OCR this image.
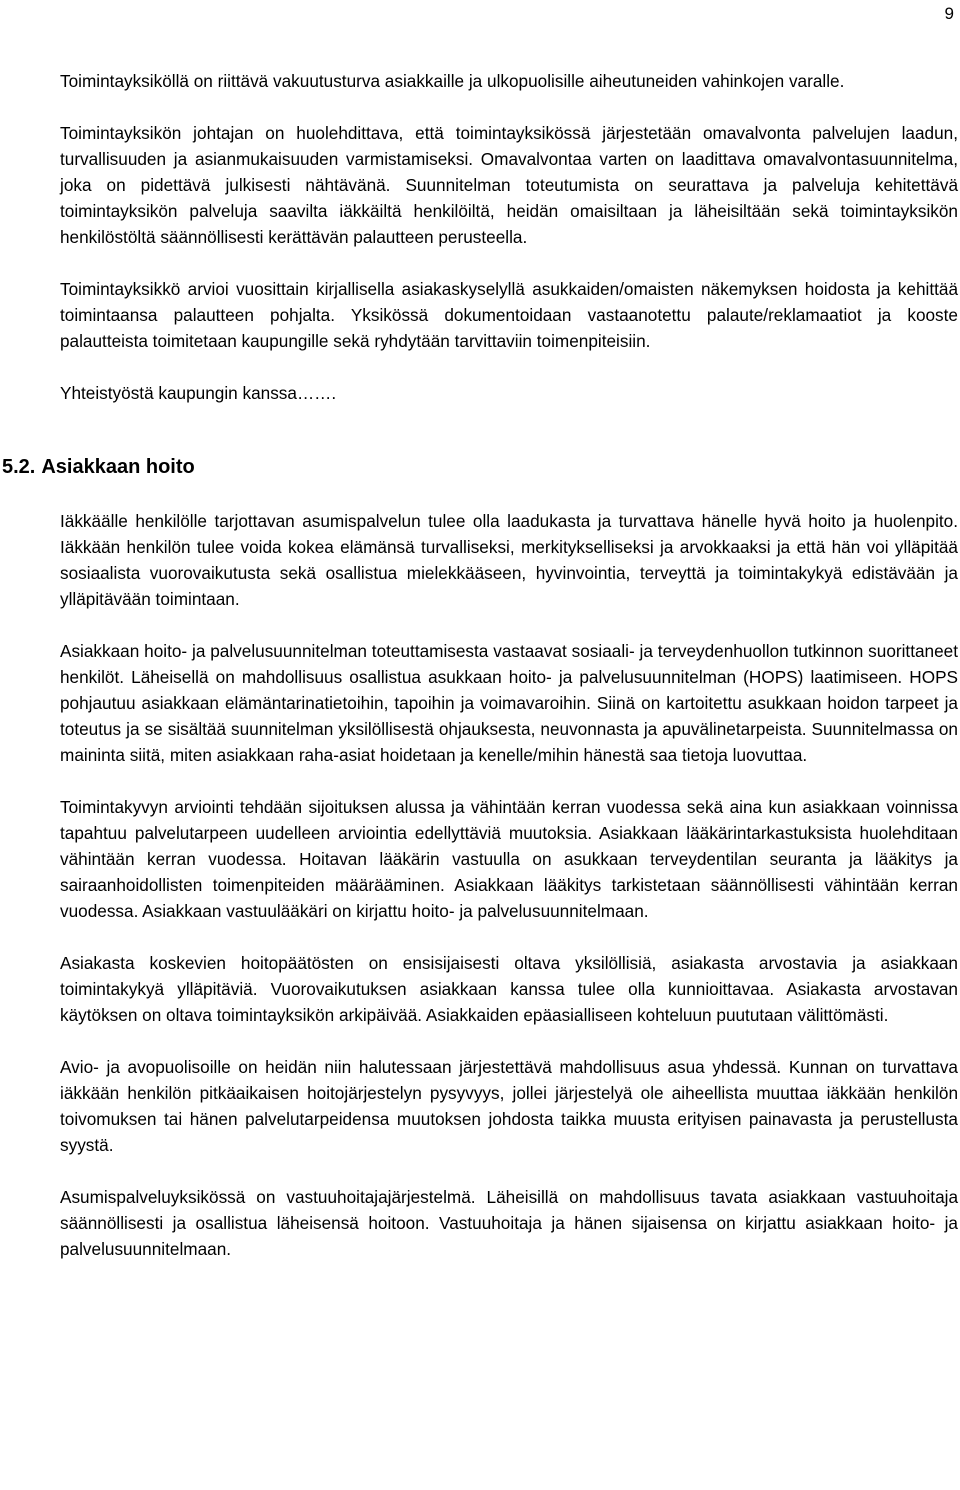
9

Toimintayksiköllä on riittävä vakuutusturva asiakkaille ja ulkopuolisille aiheutuneiden vahinkojen varalle.

Toimintayksikön johtajan on huolehdittava, että toimintayksikössä järjestetään omavalvonta palvelujen laadun, turvallisuuden ja asianmukaisuuden varmistamiseksi. Omavalvontaa varten on laadittava omavalvontasuunnitelma, joka on pidettävä julkisesti nähtävänä. Suunnitelman toteutumista on seurattava ja palveluja kehitettävä toimintayksikön palveluja saavilta iäkkäiltä henkilöiltä, heidän omaisiltaan ja läheisiltään sekä toimintayksikön henkilöstöltä säännöllisesti kerättävän palautteen perusteella.

Toimintayksikkö arvioi vuosittain kirjallisella asiakaskyselyllä asukkaiden/omaisten näkemyksen hoidosta ja kehittää toimintaansa palautteen pohjalta. Yksikössä dokumentoidaan vastaanotettu palaute/reklamaatiot ja kooste palautteista toimitetaan kaupungille sekä ryhdytään tarvittaviin toimenpiteisiin.

Yhteistyöstä kaupungin kanssa…….

5.2. Asiakkaan hoito

Iäkkäälle henkilölle tarjottavan asumispalvelun tulee olla laadukasta ja turvattava hänelle hyvä hoito ja huolenpito. Iäkkään henkilön tulee voida kokea elämänsä turvalliseksi, merkitykselliseksi ja arvokkaaksi ja että hän voi ylläpitää sosiaalista vuorovaikutusta sekä osallistua mielekkääseen, hyvinvointia, terveyttä ja toimintakykyä edistävään ja ylläpitävään toimintaan.

Asiakkaan hoito- ja palvelusuunnitelman toteuttamisesta vastaavat sosiaali- ja terveydenhuollon tutkinnon suorittaneet henkilöt. Läheisellä on mahdollisuus osallistua asukkaan hoito- ja palvelusuunnitelman (HOPS) laatimiseen. HOPS pohjautuu asiakkaan elämäntarinatietoihin, tapoihin ja voimavaroihin. Siinä on kartoitettu asukkaan hoidon tarpeet ja toteutus ja se sisältää suunnitelman yksilöllisestä ohjauksesta, neuvonnasta ja apuvälinetarpeista. Suunnitelmassa on maininta siitä, miten asiakkaan raha-asiat hoidetaan ja kenelle/mihin hänestä saa tietoja luovuttaa.

Toimintakyvyn arviointi tehdään sijoituksen alussa ja vähintään kerran vuodessa sekä aina kun asiakkaan voinnissa tapahtuu palvelutarpeen uudelleen arviointia edellyttäviä muutoksia. Asiakkaan lääkärintarkastuksista huolehditaan vähintään kerran vuodessa. Hoitavan lääkärin vastuulla on asukkaan terveydentilan seuranta ja lääkitys ja sairaanhoidollisten toimenpiteiden määrääminen. Asiakkaan lääkitys tarkistetaan säännöllisesti vähintään kerran vuodessa. Asiakkaan vastuulääkäri on kirjattu hoito- ja palvelusuunnitelmaan.

Asiakasta koskevien hoitopäätösten on ensisijaisesti oltava yksilöllisiä, asiakasta arvostavia ja asiakkaan toimintakykyä ylläpitäviä. Vuorovaikutuksen asiakkaan kanssa tulee olla kunnioittavaa. Asiakasta arvostavan käytöksen on oltava toimintayksikön arkipäivää. Asiakkaiden epäasialliseen kohteluun puututaan välittömästi.

Avio- ja avopuolisoille on heidän niin halutessaan järjestettävä mahdollisuus asua yhdessä. Kunnan on turvattava iäkkään henkilön pitkäaikaisen hoitojärjestelyn pysyvyys, jollei järjestelyä ole aiheellista muuttaa iäkkään henkilön toivomuksen tai hänen palvelutarpeidensa muutoksen johdosta taikka muusta erityisen painavasta ja perustellusta syystä.

Asumispalveluyksikössä on vastuuhoitajajärjestelmä. Läheisillä on mahdollisuus tavata asiakkaan vastuuhoitaja säännöllisesti ja osallistua läheisensä hoitoon. Vastuuhoitaja ja hänen sijaisensa on kirjattu asiakkaan hoito- ja palvelusuunnitelmaan.
